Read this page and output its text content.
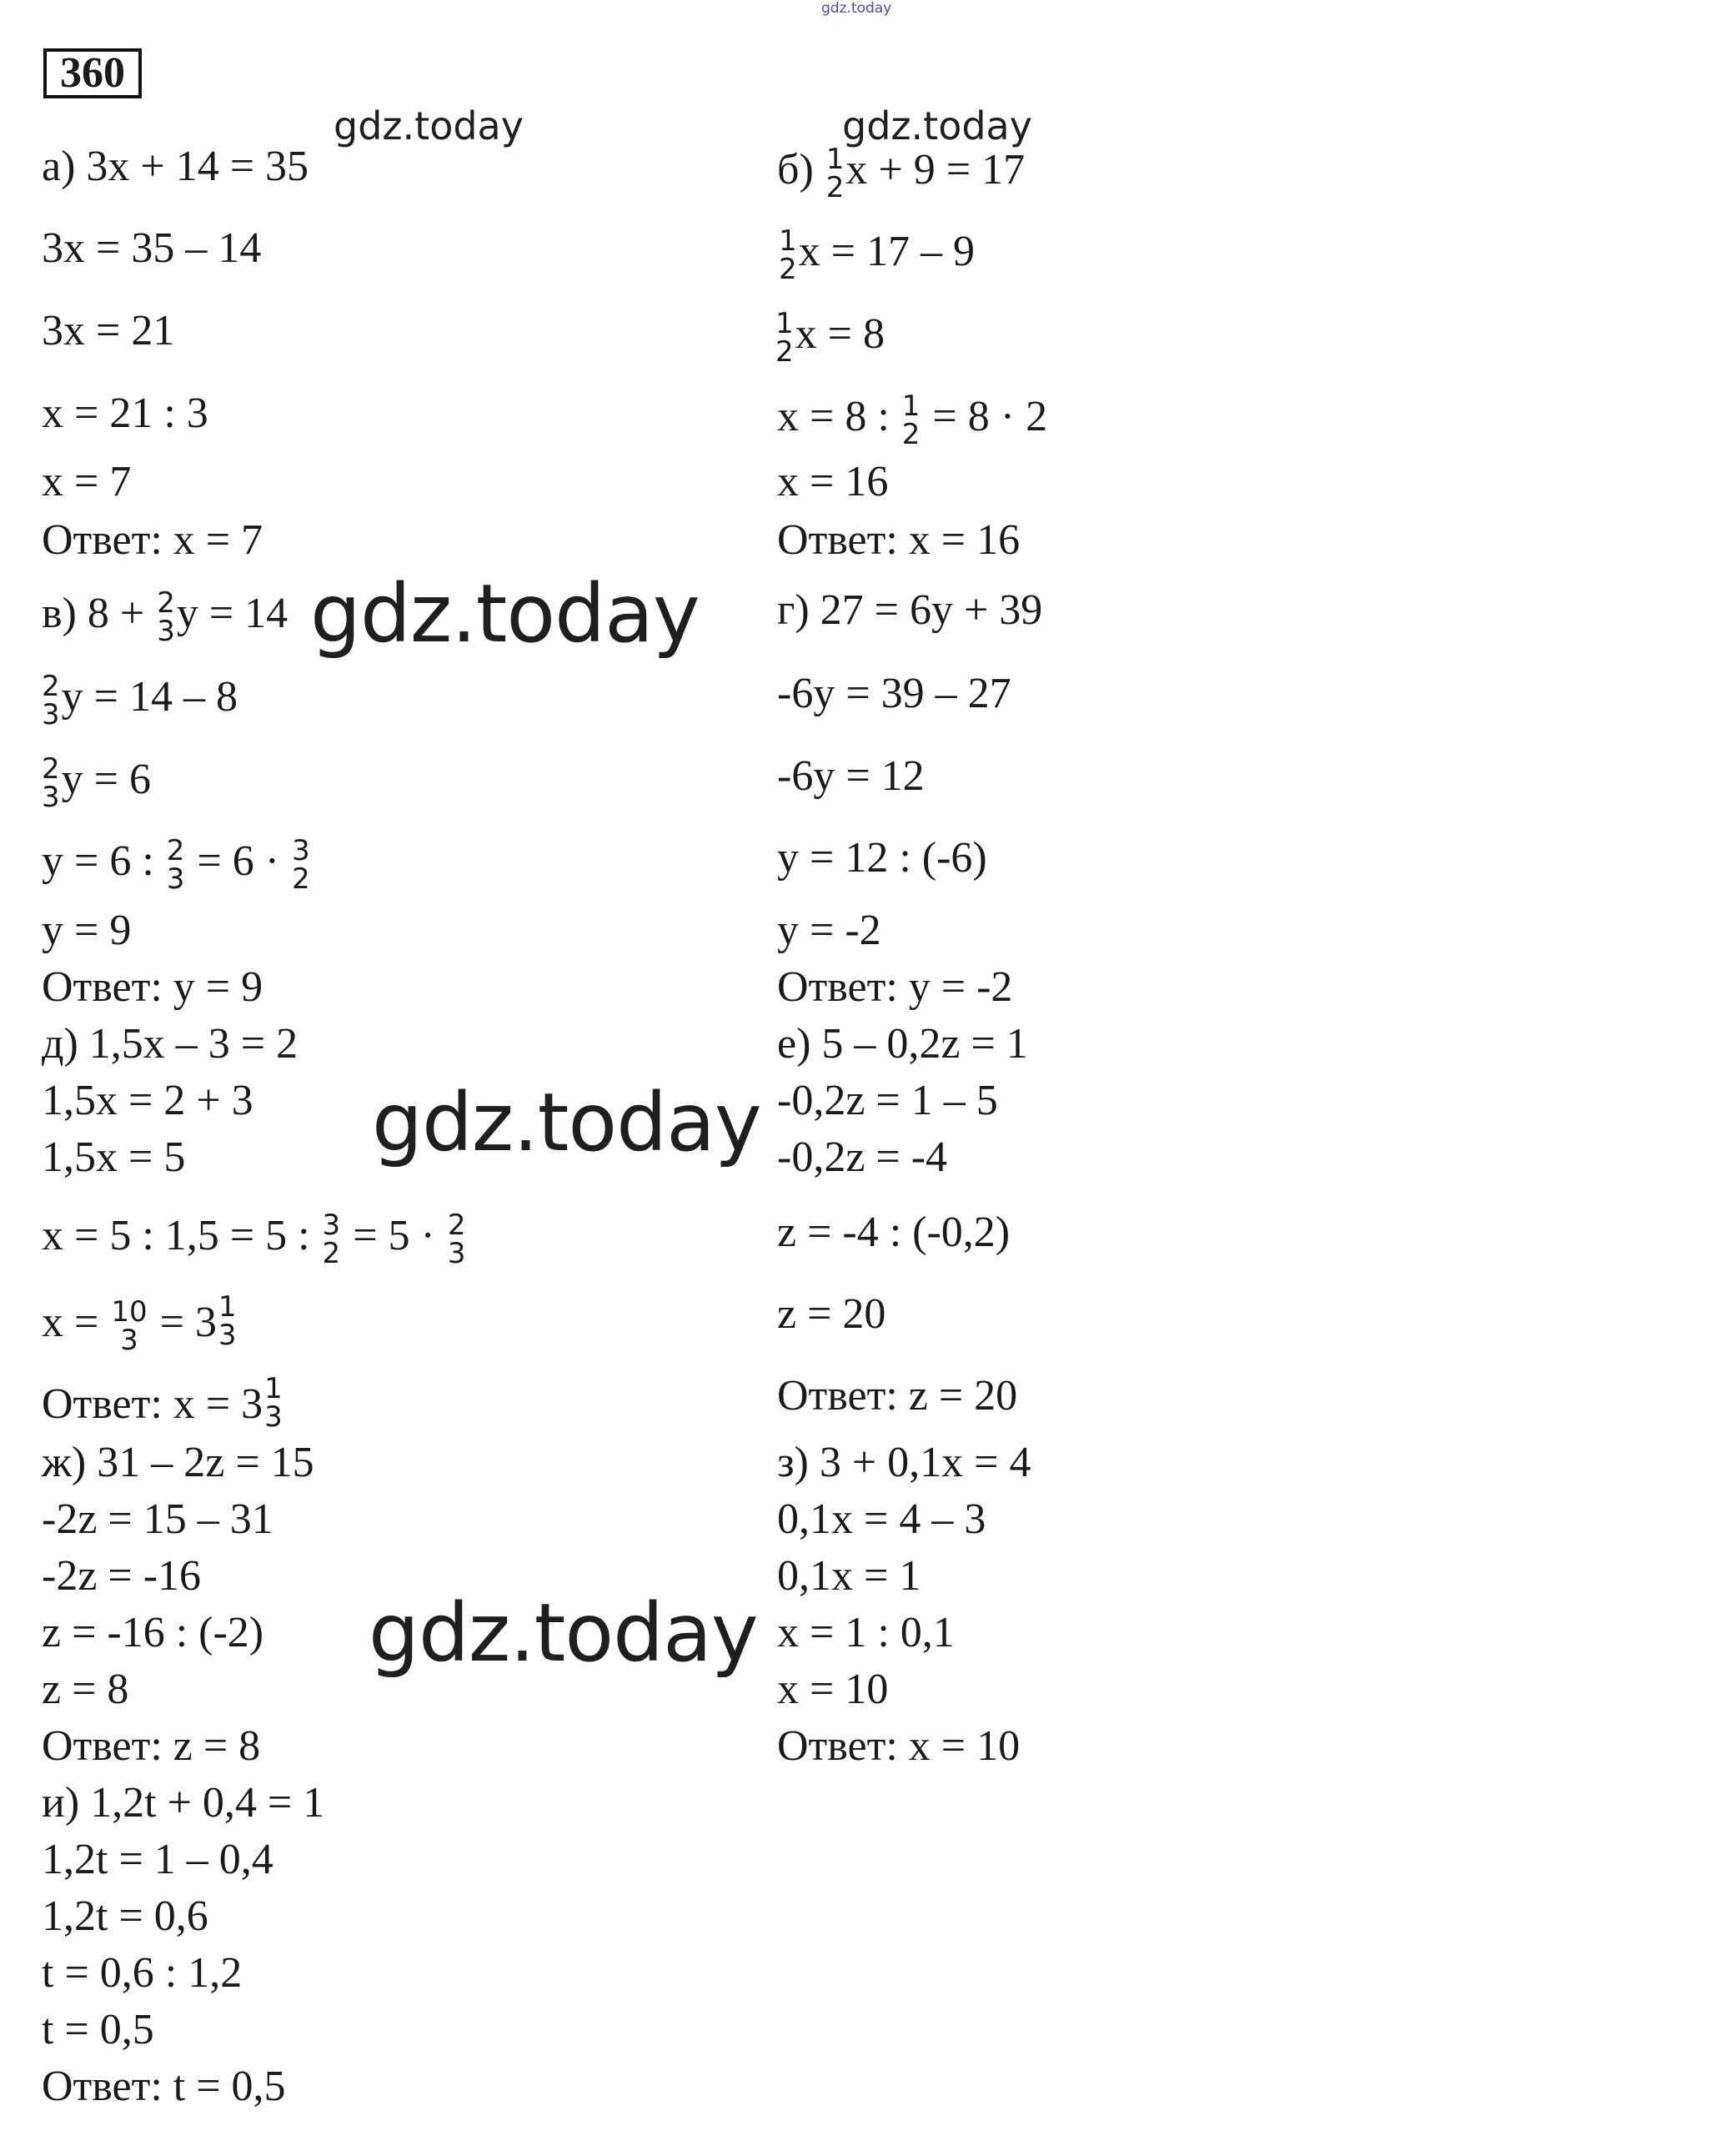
gdz.today
360
а) 3x + 14 = 35
3x = 35 – 14
3x = 21
x = 21 : 3
x = 7
Ответ: x = 7
в) 8 + 2
3 y = 14
2
3 y = 14 – 8
2
3 y = 6
y = 6 : 2
3 = 6 · 3
2
y = 9
Ответ: y = 9
д) 1,5x – 3 = 2
1,5x = 2 + 3
1,5x = 5
x = 5 : 1,5 = 5 : 3
2 = 5 · 2
3
x = 10
3 = 3 1
3
Ответ: x = 3 1
3
ж) 31 – 2z = 15
-2z = 15 – 31
-2z = -16
z = -16 : (-2)
z = 8
Ответ: z = 8
и) 1,2t + 0,4 = 1
1,2t = 1 – 0,4
1,2t = 0,6
t = 0,6 : 1,2
t = 0,5
Ответ: t = 0,5
б) 1
2 x + 9 = 17
1
2 x = 17 – 9
1
2 x = 8
x = 8 : 1
2 = 8 · 2
x = 16
Ответ: x = 16
г) 27 = 6y + 39
-6y = 39 – 27
-6y = 12
y = 12 : (-6)
y = -2
Ответ: y = -2
е) 5 – 0,2z = 1
-0,2z = 1 – 5
-0,2z = -4
z = -4 : (-0,2)
z = 20
Ответ: z = 20
з) 3 + 0,1x = 4
0,1x = 4 – 3
0,1x = 1
x = 1 : 0,1
x = 10
Ответ: x = 10
gdz.today	gdz.today
gdz.today
gdz.today
gdz.today
